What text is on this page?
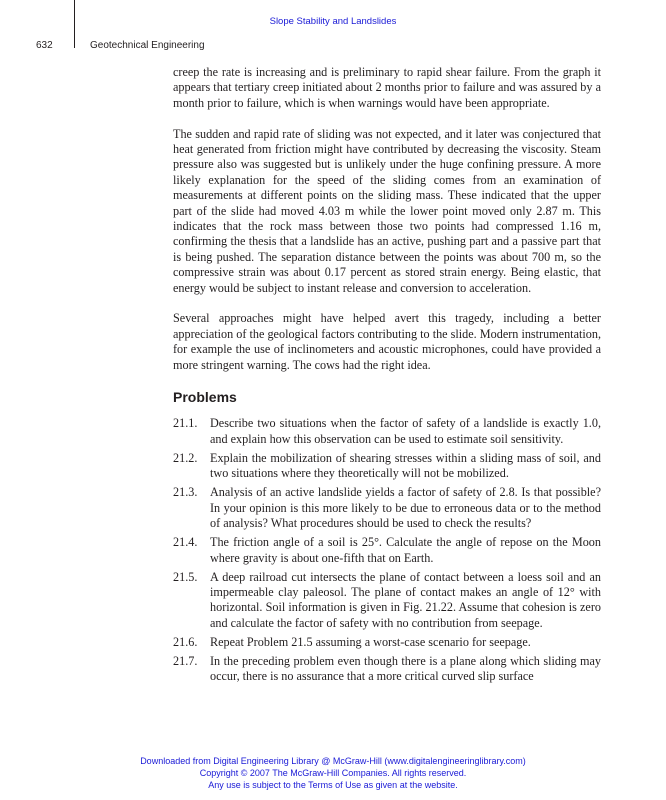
Slope Stability and Landslides
632	Geotechnical Engineering

creep the rate is increasing and is preliminary to rapid shear failure. From the graph it appears that tertiary creep initiated about 2 months prior to failure and was assured by a month prior to failure, which is when warnings would have been appropriate.

The sudden and rapid rate of sliding was not expected, and it later was conjectured that heat generated from friction might have contributed by decreasing the viscosity. Steam pressure also was suggested but is unlikely under the huge confining pressure. A more likely explanation for the speed of the sliding comes from an examination of measurements at different points on the sliding mass. These indicated that the upper part of the slide had moved 4.03 m while the lower point moved only 2.87 m. This indicates that the rock mass between those two points had compressed 1.16 m, confirming the thesis that a landslide has an active, pushing part and a passive part that is being pushed. The separation distance between the points was about 700 m, so the compressive strain was about 0.17 percent as stored strain energy. Being elastic, that energy would be subject to instant release and conversion to acceleration.

Several approaches might have helped avert this tragedy, including a better appreciation of the geological factors contributing to the slide. Modern instrumentation, for example the use of inclinometers and acoustic microphones, could have provided a more stringent warning. The cows had the right idea.

Problems
21.1.	Describe two situations when the factor of safety of a landslide is exactly 1.0, and explain how this observation can be used to estimate soil sensitivity.
21.2.	Explain the mobilization of shearing stresses within a sliding mass of soil, and two situations where they theoretically will not be mobilized.
21.3.	Analysis of an active landslide yields a factor of safety of 2.8. Is that possible? In your opinion is this more likely to be due to erroneous data or to the method of analysis? What procedures should be used to check the results?
21.4.	The friction angle of a soil is 25°. Calculate the angle of repose on the Moon where gravity is about one-fifth that on Earth.
21.5.	A deep railroad cut intersects the plane of contact between a loess soil and an impermeable clay paleosol. The plane of contact makes an angle of 12° with horizontal. Soil information is given in Fig. 21.22. Assume that cohesion is zero and calculate the factor of safety with no contribution from seepage.
21.6.	Repeat Problem 21.5 assuming a worst-case scenario for seepage.
21.7.	In the preceding problem even though there is a plane along which sliding may occur, there is no assurance that a more critical curved slip surface
Downloaded from Digital Engineering Library @ McGraw-Hill (www.digitalengineeringlibrary.com)
Copyright © 2007 The McGraw-Hill Companies. All rights reserved.
Any use is subject to the Terms of Use as given at the website.
